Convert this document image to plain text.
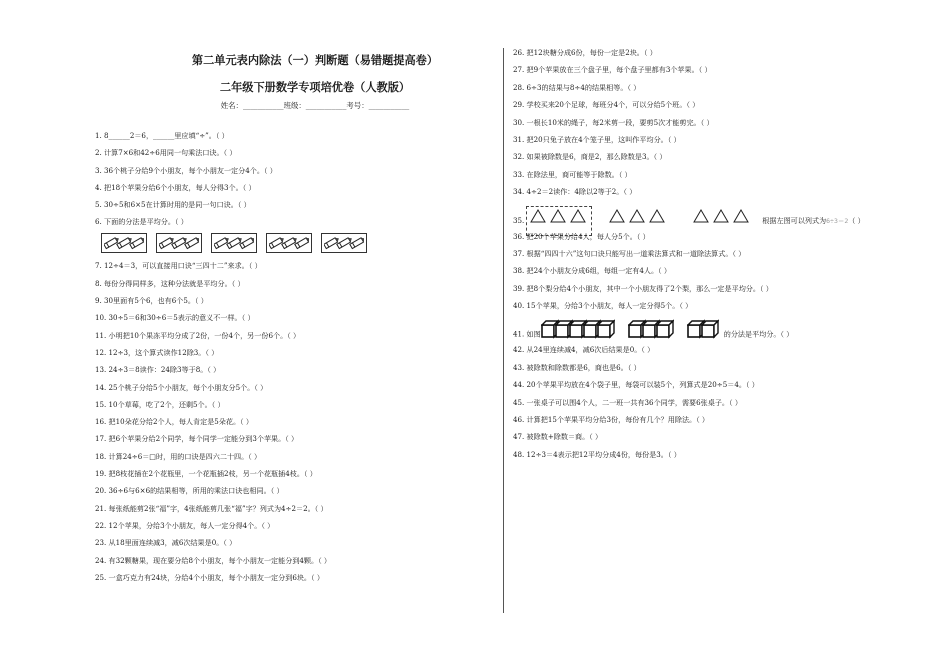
第二单元表内除法（一）判断题（易错题提高卷）
二年级下册数学专项培优卷（人教版）
姓名：___________班级：___________考号：___________
1. 8______2＝6，______里应填“÷”。（ ）
2. 计算7×6和42÷6用同一句乘法口诀。（ ）
3. 36个桃子分给9个小朋友，每个小朋友一定分4个。（ ）
4. 把18个苹果分给6个小朋友，每人分得3个。（ ）
5. 30÷5和6×5在计算时用的是同一句口诀。（ ）
6. 下面的分法是平均分。（ ）
7. 12÷4＝3，可以直接用口诀“三四十二”来求。（ ）
8. 每份分得同样多，这种分法就是平均分。（ ）
9. 30里面有5个6，也有6个5。（ ）
10. 30÷5＝6和30÷6＝5表示的意义不一样。（ ）
11. 小明把10个果冻平均分成了2份，一份4个，另一份6个。（ ）
12. 12÷3，这个算式读作12除3。（ ）
13. 24÷3＝8读作：24除3等于8。（ ）
14. 25个桃子分给5个小朋友，每个小朋友分5个。（ ）
15. 10个草莓，吃了2个，还剩5个。（ ）
16. 把10朵花分给2个人，每人肯定是5朵花。（ ）
17. 把6个苹果分给2个同学，每个同学一定能分到3个苹果。（ ）
18. 计算24÷6＝□时，用的口诀是四六二十四。（ ）
19. 把8枝花插在2个花瓶里，一个花瓶插2枝，另一个花瓶插4枝。（ ）
20. 36÷6与6×6的结果相等，所用的乘法口诀也相同。（ ）
21. 每张纸能剪2张“福”字，4张纸能剪几张“福”字？列式为4÷2＝2。（ ）
22. 12个苹果，分给3个小朋友，每人一定分得4个。（ ）
23. 从18里面连续减3，减6次结果是0。（ ）
24. 有32颗糖果，现在要分给8个小朋友，每个小朋友一定能分到4颗。（ ）
25. 一盒巧克力有24块，分给4个小朋友，每个小朋友一定分到6块。（ ）
26. 把12块糖分成6份，每份一定是2块。（ ）
27. 把9个苹果放在三个盘子里，每个盘子里都有3个苹果。（ ）
28. 6÷3的结果与8÷4的结果相等。（ ）
29. 学校买来20个足球，每班分4个，可以分给5个班。（ ）
30. 一根长10米的绳子，每2米剪一段，要剪5次才能剪完。（ ）
31. 把20只兔子放在4个笼子里，这叫作平均分。（ ）
32. 如果被除数是6，商是2，那么除数是3。（ ）
33. 在除法里，商可能等于除数。（ ）
34. 4÷2＝2读作：4除以2等于2。（ ）
35.	根据左图可以列式为6÷3＝2（ ）
36. 把20个苹果分给4人，每人分5个。（ ）
37. 根据“四四十六”这句口诀只能写出一道乘法算式和一道除法算式。（ ）
38. 把24个小朋友分成6组，每组一定有4人。（ ）
39. 把8个梨分给4个小朋友，其中一个小朋友得了2个梨，那么一定是平均分。（ ）
40. 15个苹果，分给3个小朋友，每人一定分得5个。（ ）
41. 如图	的分法是平均分。（ ）
42. 从24里连续减4，减6次后结果是0。（ ）
43. 被除数和除数都是6，商也是6。（ ）
44. 20个苹果平均放在4个袋子里，每袋可以装5个，列算式是20÷5＝4。（ ）
45. 一张桌子可以围4个人，二一班一共有36个同学，需要6张桌子。（ ）
46. 计算把15个苹果平均分给3份，每份有几个？用除法。（ ）
47. 被除数+除数＝商。（ ）
48. 12÷3＝4表示把12平均分成4份，每份是3。（ ）
